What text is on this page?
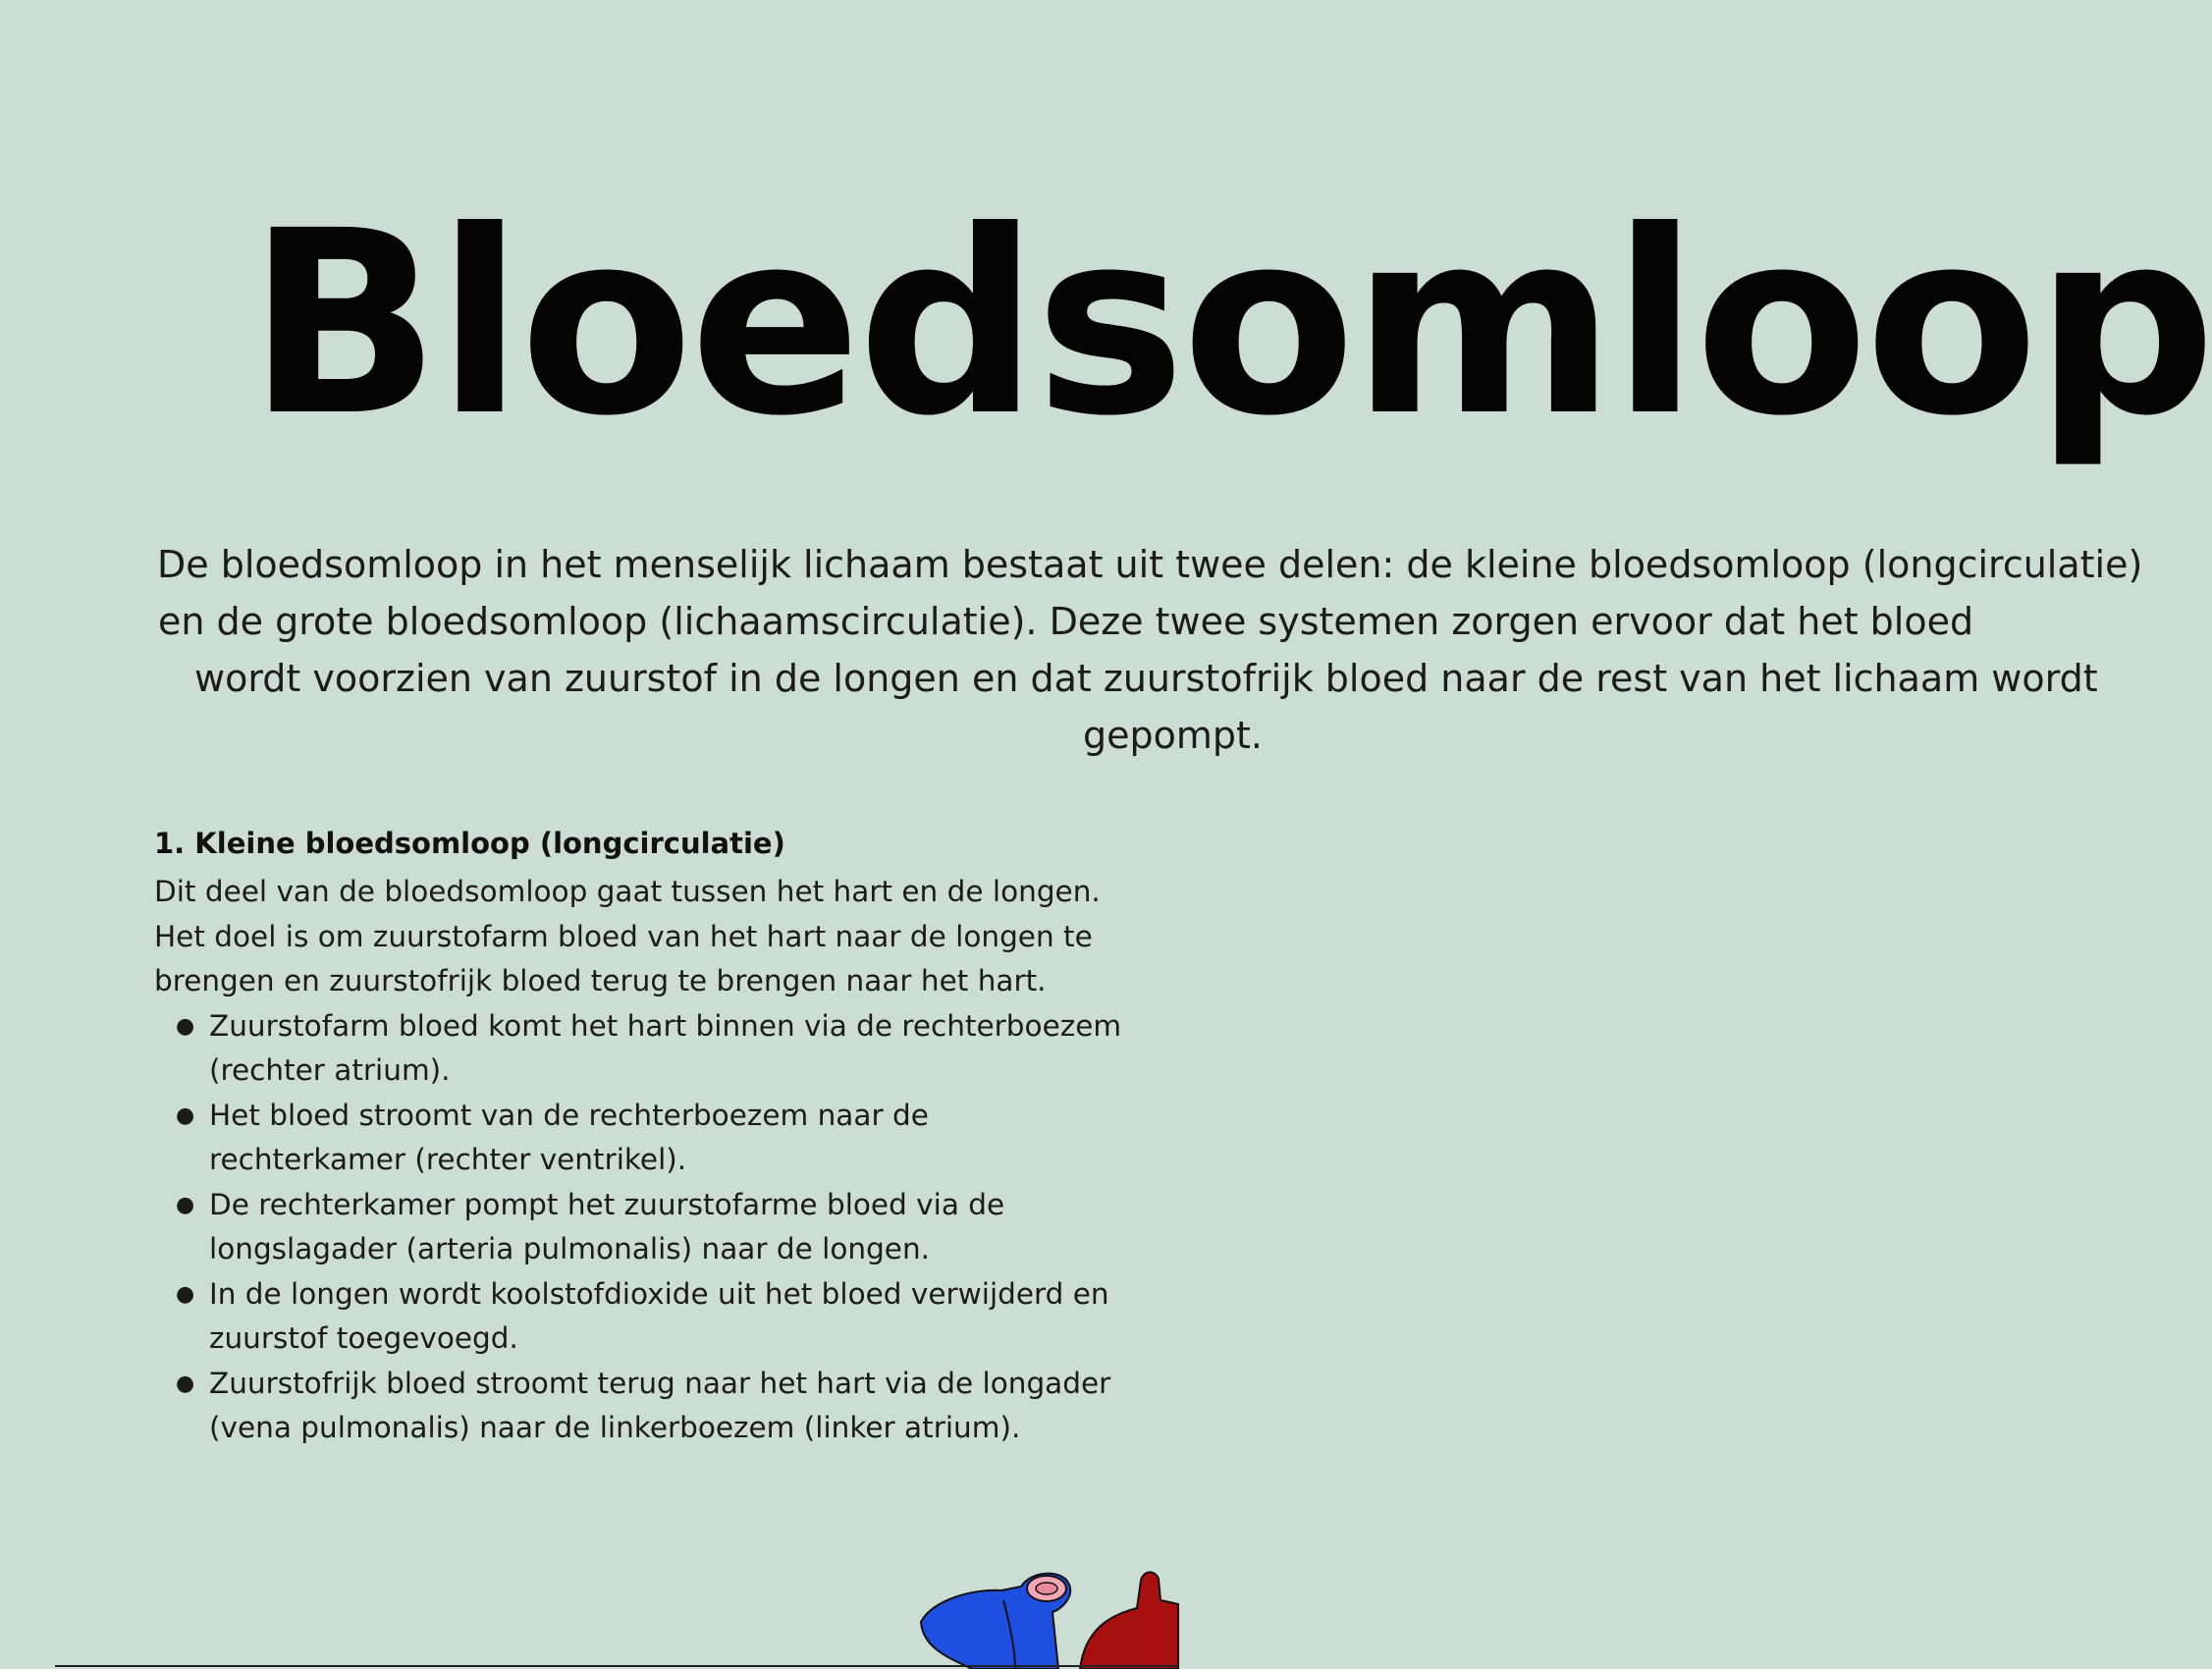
Bloedsomloop
De bloedsomloop in het menselijk lichaam bestaat uit twee delen: de kleine bloedsomloop (longcirculatie)
en de grote bloedsomloop (lichaamscirculatie). Deze twee systemen zorgen ervoor dat het bloed
wordt voorzien van zuurstof in de longen en dat zuurstofrijk bloed naar de rest van het lichaam wordt
gepompt.
1. Kleine bloedsomloop (longcirculatie)

Dit deel van de bloedsomloop gaat tussen het hart en de longen. Het doel is om zuurstofarm bloed van het hart naar de longen te brengen en zuurstofrijk bloed terug te brengen naar het hart.

● Zuurstofarm bloed komt het hart binnen via de rechterboezem (rechter atrium).
● Het bloed stroomt van de rechterboezem naar de rechterkamer (rechter ventrikel).
● De rechterkamer pompt het zuurstofarme bloed via de longslagader (arteria pulmonalis) naar de longen.
● In de longen wordt koolstofdioxide uit het bloed verwijderd en zuurstof toegevoegd.
● Zuurstofrijk bloed stroomt terug naar het hart via de longader (vena pulmonalis) naar de linkerboezem (linker atrium).
